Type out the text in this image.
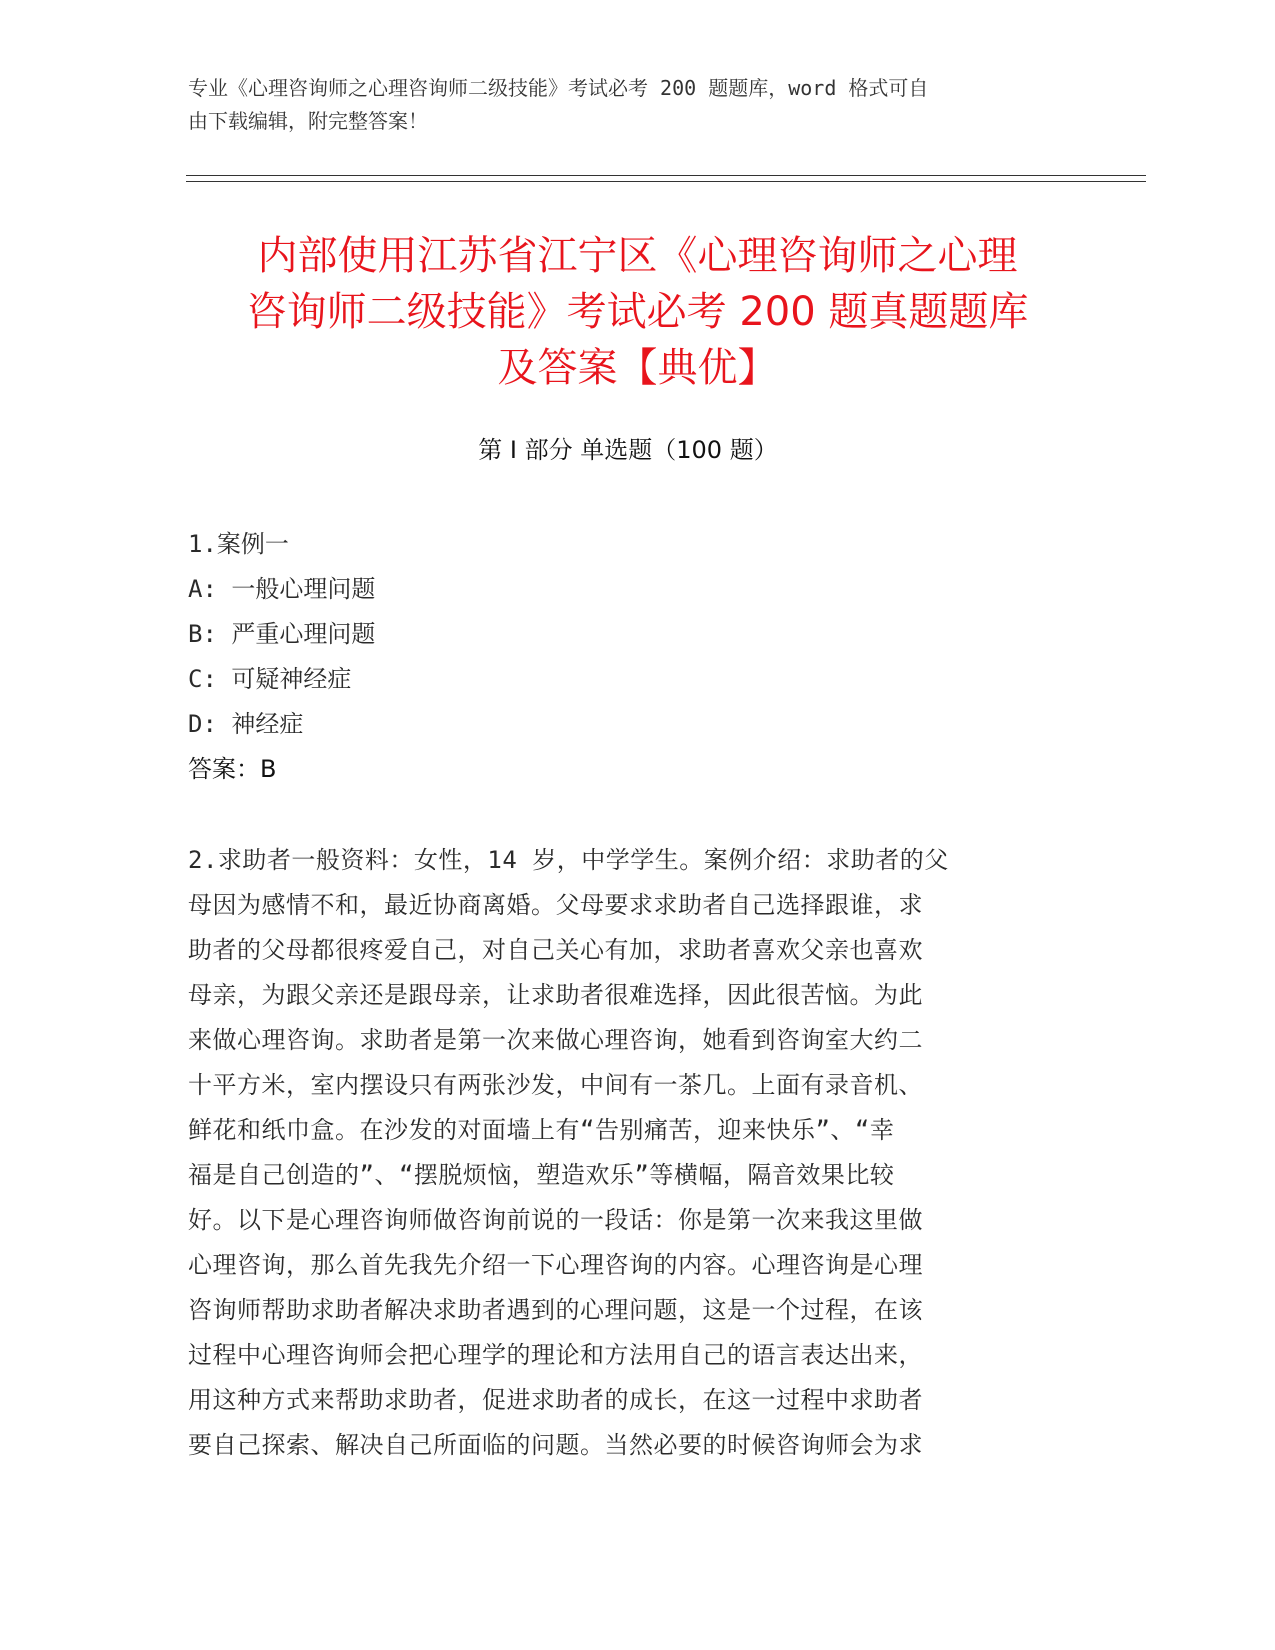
专业《心理咨询师之心理咨询师二级技能》考试必考 200 题题库，word 格式可自
由下载编辑，附完整答案！
内部使用江苏省江宁区《心理咨询师之心理
咨询师二级技能》考试必考 200 题真题题库
及答案【典优】
第 I 部分 单选题（100 题）
1.案例一
A: 一般心理问题
B: 严重心理问题
C: 可疑神经症
D: 神经症
答案：B
2.求助者一般资料：女性，14 岁，中学学生。案例介绍：求助者的父
母因为感情不和，最近协商离婚。父母要求求助者自己选择跟谁，求
助者的父母都很疼爱自己，对自己关心有加，求助者喜欢父亲也喜欢
母亲，为跟父亲还是跟母亲，让求助者很难选择，因此很苦恼。为此
来做心理咨询。求助者是第一次来做心理咨询，她看到咨询室大约二
十平方米，室内摆设只有两张沙发，中间有一茶几。上面有录音机、
鲜花和纸巾盒。在沙发的对面墙上有“告别痛苦，迎来快乐”、“幸
福是自己创造的”、“摆脱烦恼，塑造欢乐”等横幅，隔音效果比较
好。以下是心理咨询师做咨询前说的一段话：你是第一次来我这里做
心理咨询，那么首先我先介绍一下心理咨询的内容。心理咨询是心理
咨询师帮助求助者解决求助者遇到的心理问题，这是一个过程，在该
过程中心理咨询师会把心理学的理论和方法用自己的语言表达出来，
用这种方式来帮助求助者，促进求助者的成长，在这一过程中求助者
要自己探索、解决自己所面临的问题。当然必要的时候咨询师会为求
